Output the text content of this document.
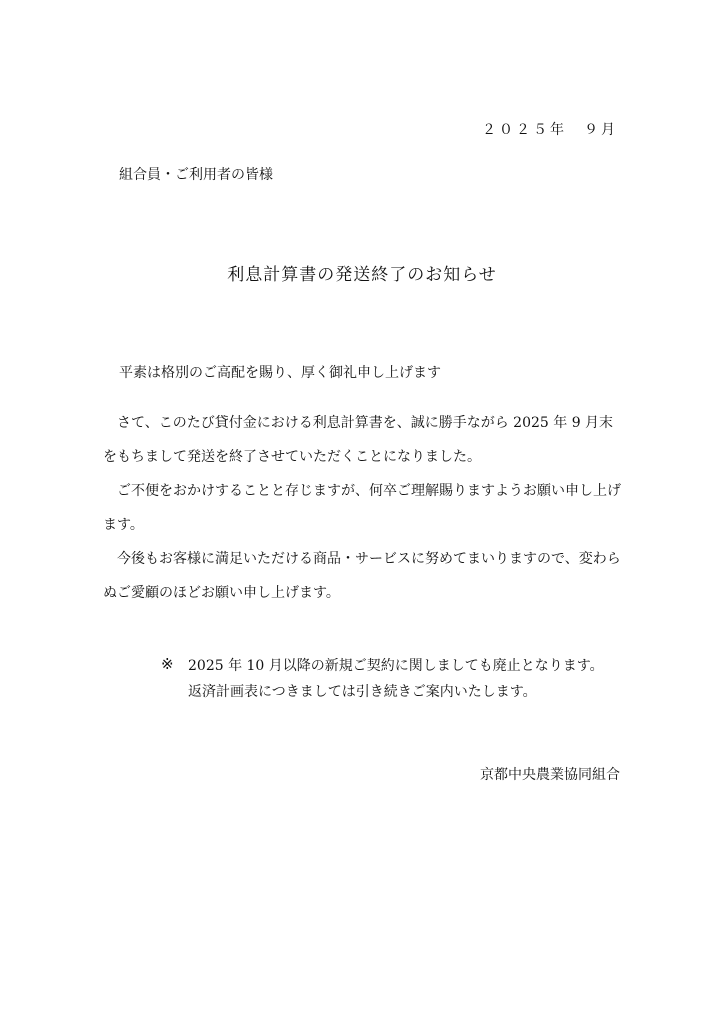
２０２５年　９月
組合員・ご利用者の皆様
利息計算書の発送終了のお知らせ
平素は格別のご高配を賜り、厚く御礼申し上げます
さて、このたび貸付金における利息計算書を、誠に勝手ながら 2025 年 9 月末をもちまして発送を終了させていただくことになりました。
ご不便をおかけすることと存じますが、何卒ご理解賜りますようお願い申し上げます。
今後もお客様に満足いただける商品・サービスに努めてまいりますので、変わらぬご愛顧のほどお願い申し上げます。
※ 2025 年 10 月以降の新規ご契約に関しましても廃止となります。
返済計画表につきましては引き続きご案内いたします。
京都中央農業協同組合
